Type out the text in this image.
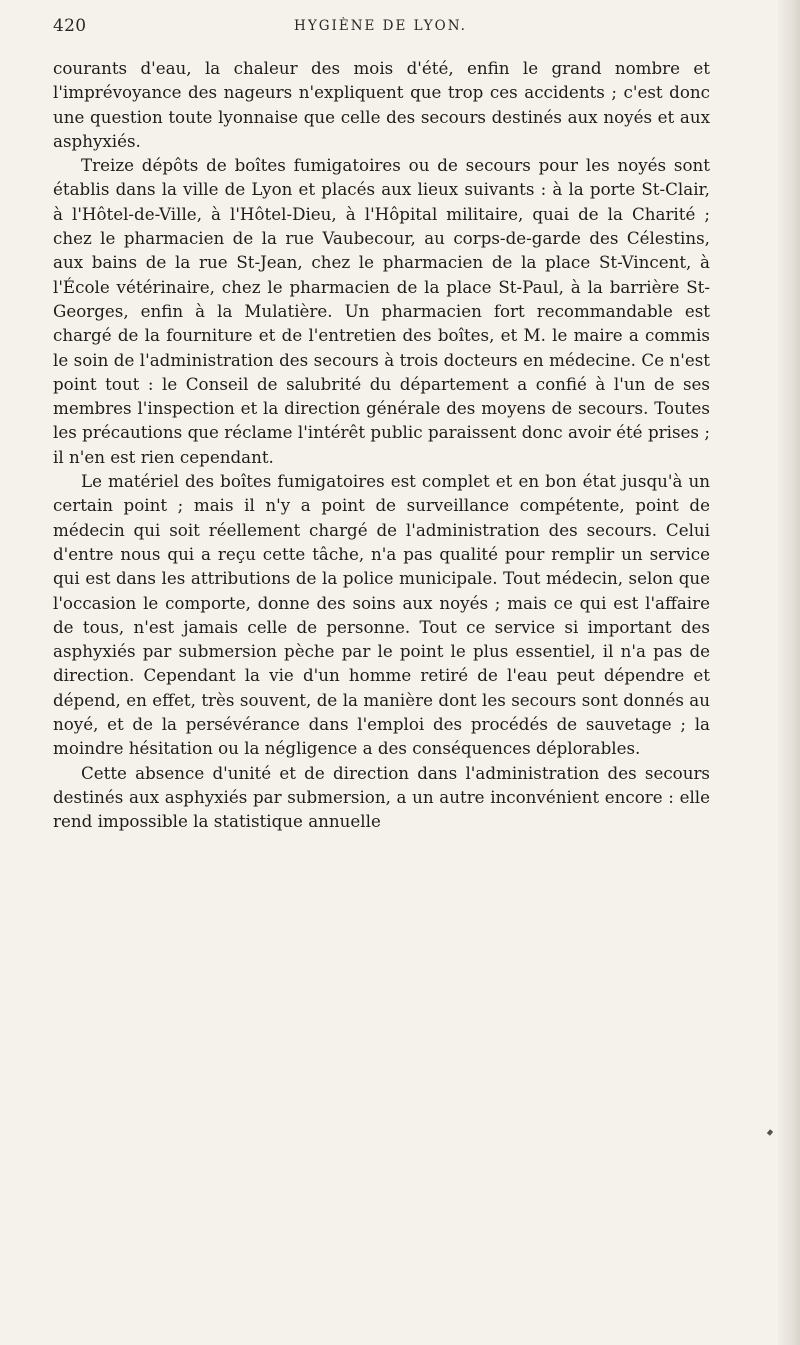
420	HYGIÈNE DE LYON.

courants d'eau, la chaleur des mois d'été, enfin le grand nombre et l'imprévoyance des nageurs n'expliquent que trop ces accidents ; c'est donc une question toute lyonnaise que celle des secours destinés aux noyés et aux asphyxiés.

Treize dépôts de boîtes fumigatoires ou de secours pour les noyés sont établis dans la ville de Lyon et placés aux lieux suivants : à la porte St-Clair, à l'Hôtel-de-Ville, à l'Hôtel-Dieu, à l'Hôpital militaire, quai de la Charité ; chez le pharmacien de la rue Vaubecour, au corps-de-garde des Célestins, aux bains de la rue St-Jean, chez le pharmacien de la place St-Vincent, à l'École vétérinaire, chez le pharmacien de la place St-Paul, à la barrière St-Georges, enfin à la Mulatière. Un pharmacien fort recommandable est chargé de la fourniture et de l'entretien des boîtes, et M. le maire a commis le soin de l'administration des secours à trois docteurs en médecine. Ce n'est point tout : le Conseil de salubrité du département a confié à l'un de ses membres l'inspection et la direction générale des moyens de secours. Toutes les précautions que réclame l'intérêt public paraissent donc avoir été prises ; il n'en est rien cependant.

Le matériel des boîtes fumigatoires est complet et en bon état jusqu'à un certain point ; mais il n'y a point de surveillance compétente, point de médecin qui soit réellement chargé de l'administration des secours. Celui d'entre nous qui a reçu cette tâche, n'a pas qualité pour remplir un service qui est dans les attributions de la police municipale. Tout médecin, selon que l'occasion le comporte, donne des soins aux noyés ; mais ce qui est l'affaire de tous, n'est jamais celle de personne. Tout ce service si important des asphyxiés par submersion pèche par le point le plus essentiel, il n'a pas de direction. Cependant la vie d'un homme retiré de l'eau peut dépendre et dépend, en effet, très souvent, de la manière dont les secours sont donnés au noyé, et de la persévérance dans l'emploi des procédés de sauvetage ; la moindre hésitation ou la négligence a des conséquences déplorables.

Cette absence d'unité et de direction dans l'administration des secours destinés aux asphyxiés par submersion, a un autre inconvénient encore : elle rend impossible la statistique annuelle
